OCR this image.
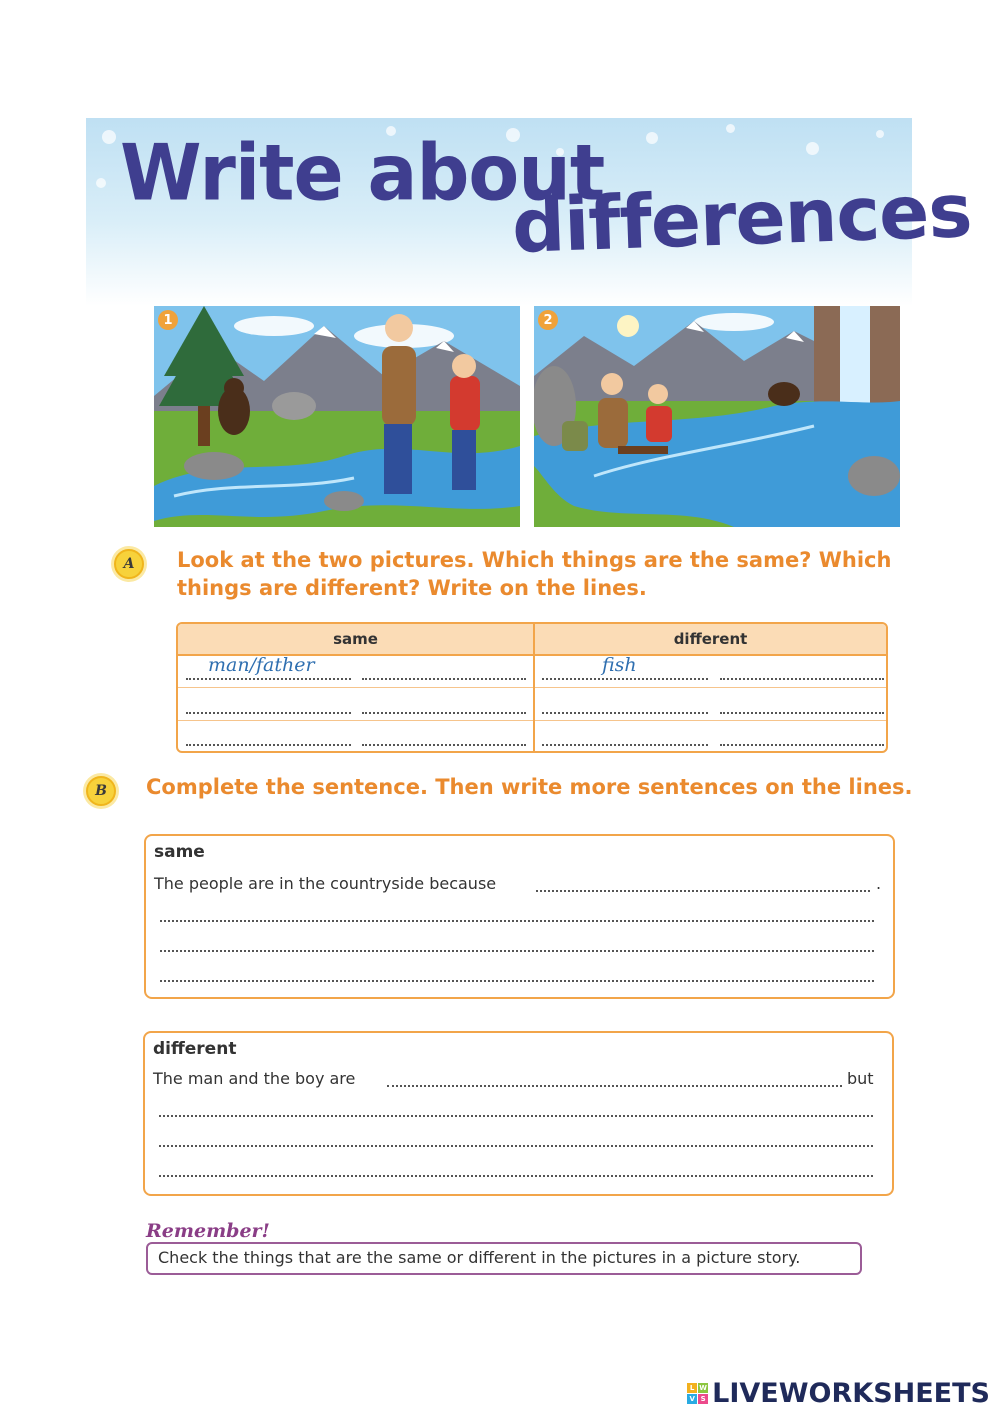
Write about
differences
1	2
A	Look at the two pictures. Which things are the same? Which
things are different? Write on the lines.
same	different
man/father	fish
B	Complete the sentence. Then write more sentences on the lines.
same
The people are in the countryside because	.
different
The man and the boy are	but
Remember!
Check the things that are the same or different in the pictures in a picture story.
L W
V S LIVEWORKSHEETS
